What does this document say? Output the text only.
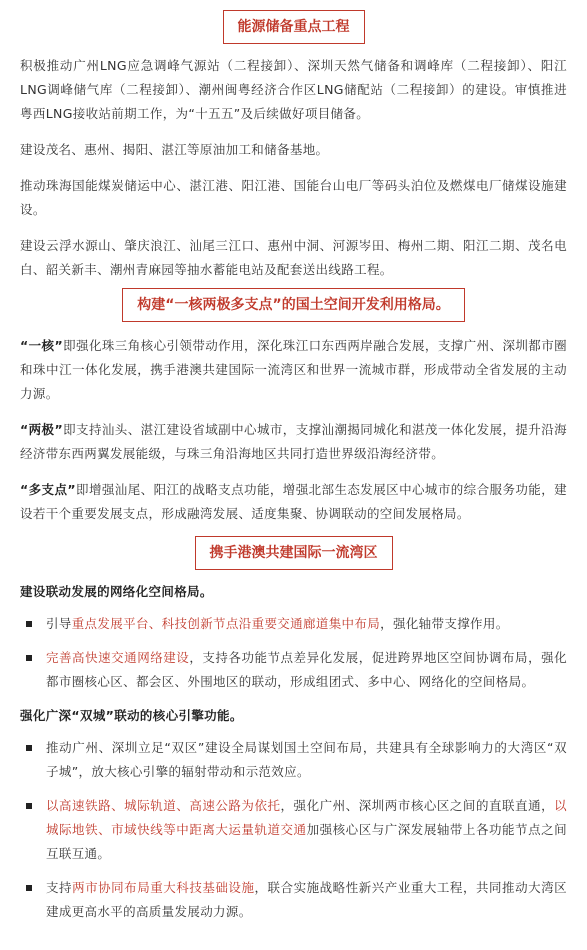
能源储备重点工程

积极推动广州LNG应急调峰气源站（二程接卸）、深圳天然气储备和调峰库（二程接卸）、阳江LNG调峰储气库（二程接卸）、潮州闽粤经济合作区LNG储配站（二程接卸）的建设。审慎推进粤西LNG接收站前期工作，为“十五五”及后续做好项目储备。

建设茂名、惠州、揭阳、湛江等原油加工和储备基地。

推动珠海国能煤炭储运中心、湛江港、阳江港、国能台山电厂等码头泊位及燃煤电厂储煤设施建设。

建设云浮水源山、肇庆浪江、汕尾三江口、惠州中洞、河源岑田、梅州二期、阳江二期、茂名电白、韶关新丰、潮州青麻园等抽水蓄能电站及配套送出线路工程。

构建“一核两极多支点”的国土空间开发利用格局。

“一核”即强化珠三角核心引领带动作用，深化珠江口东西两岸融合发展，支撑广州、深圳都市圈和珠中江一体化发展，携手港澳共建国际一流湾区和世界一流城市群，形成带动全省发展的主动力源。

“两极”即支持汕头、湛江建设省域副中心城市，支撑汕潮揭同城化和湛茂一体化发展，提升沿海经济带东西两翼发展能级，与珠三角沿海地区共同打造世界级沿海经济带。

“多支点”即增强汕尾、阳江的战略支点功能，增强北部生态发展区中心城市的综合服务功能，建设若干个重要发展支点，形成融湾发展、适度集聚、协调联动的空间发展格局。

携手港澳共建国际一流湾区

建设联动发展的网络化空间格局。

引导重点发展平台、科技创新节点沿重要交通廊道集中布局，强化轴带支撑作用。
完善高快速交通网络建设，支持各功能节点差异化发展，促进跨界地区空间协调布局，强化都市圈核心区、都会区、外围地区的联动，形成组团式、多中心、网络化的空间格局。

强化广深“双城”联动的核心引擎功能。

推动广州、深圳立足“双区”建设全局谋划国土空间布局，共建具有全球影响力的大湾区“双子城”，放大核心引擎的辐射带动和示范效应。
以高速铁路、城际轨道、高速公路为依托，强化广州、深圳两市核心区之间的直联直通，以城际地铁、市域快线等中距离大运量轨道交通加强核心区与广深发展轴带上各功能节点之间互联互通。
支持两市协同布局重大科技基础设施，联合实施战略性新兴产业重大工程，共同推动大湾区建成更高水平的高质量发展动力源。
